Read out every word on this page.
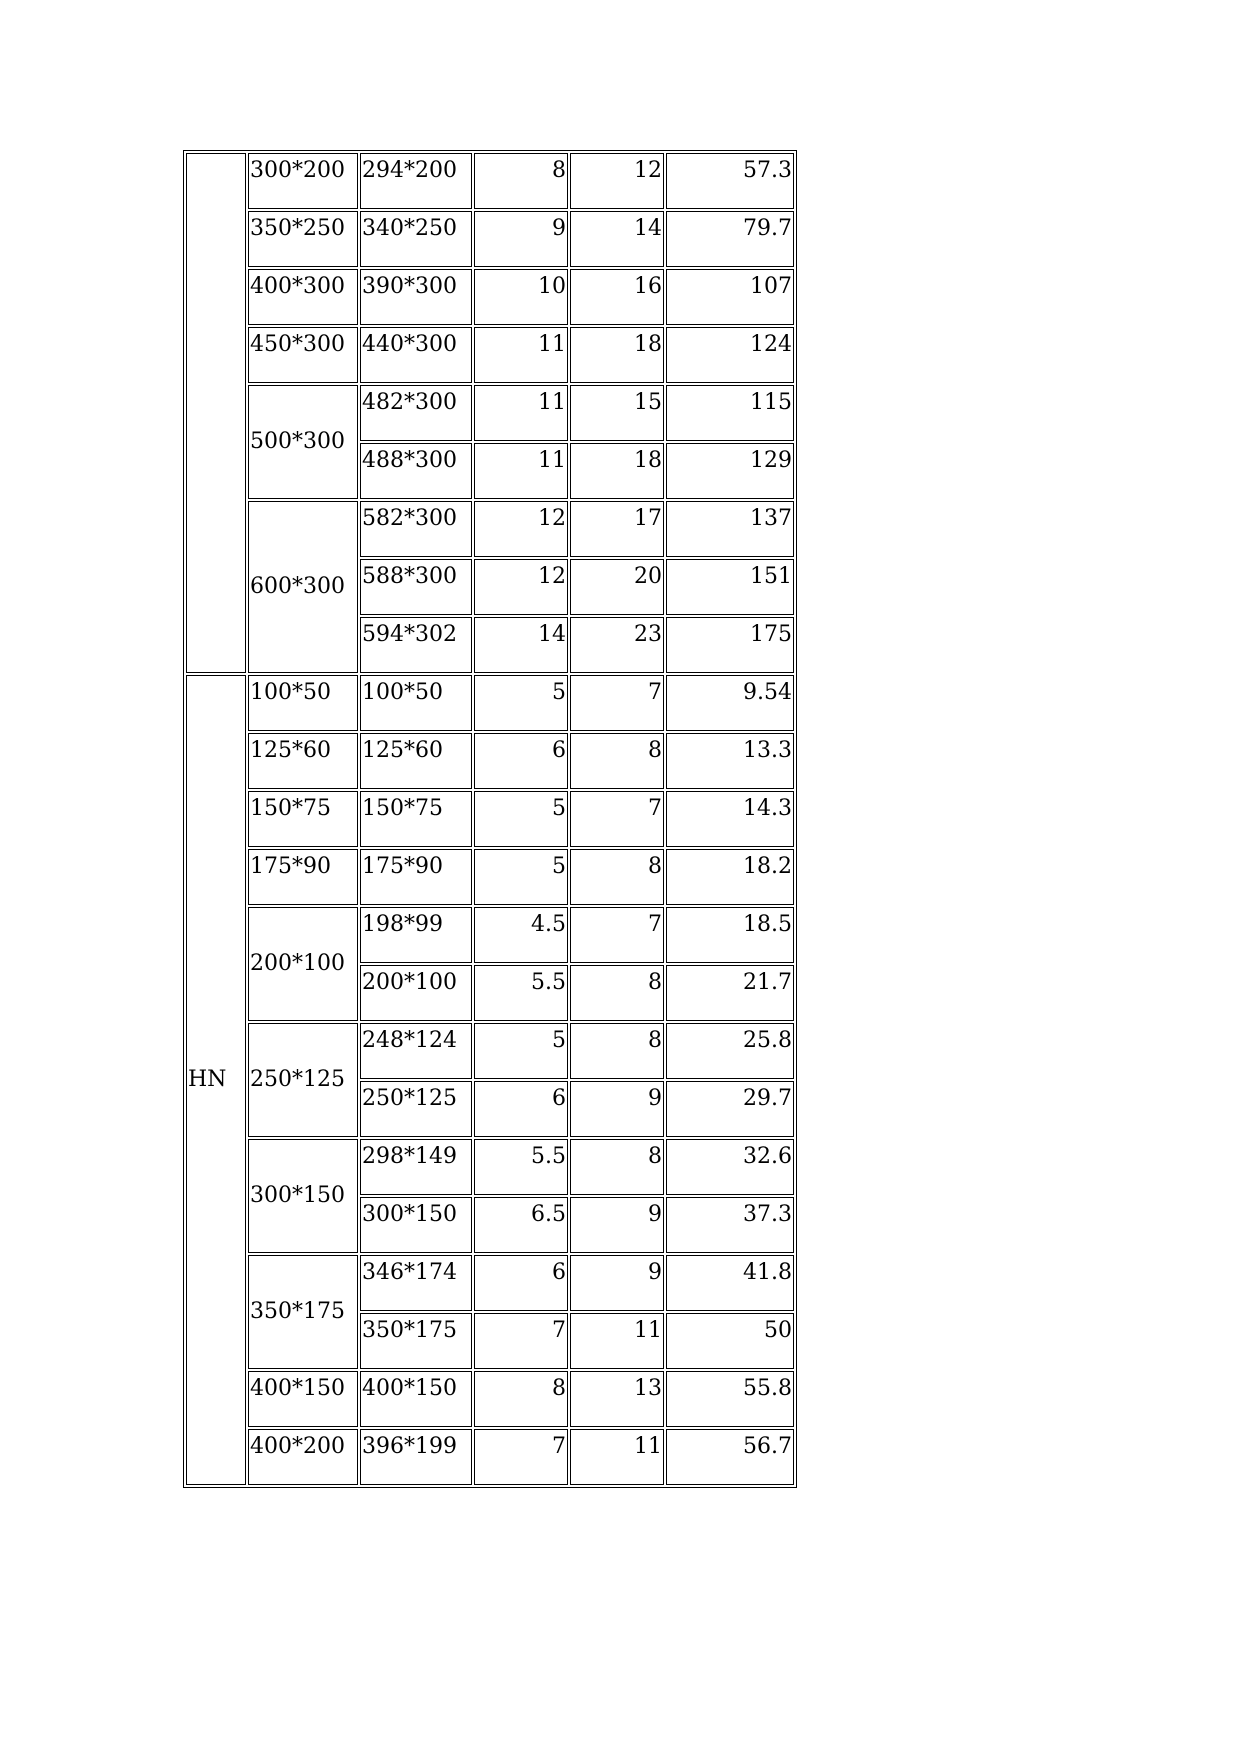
	300*200	294*200	8	12	57.3
	350*250	340*250	9	14	79.7
	400*300	390*300	10	16	107
	450*300	440*300	11	18	124
	500*300	482*300	11	15	115
		488*300	11	18	129
	600*300	582*300	12	17	137
		588*300	12	20	151
		594*302	14	23	175
HN	100*50	100*50	5	7	9.54
	125*60	125*60	6	8	13.3
	150*75	150*75	5	7	14.3
	175*90	175*90	5	8	18.2
	200*100	198*99	4.5	7	18.5
		200*100	5.5	8	21.7
	250*125	248*124	5	8	25.8
		250*125	6	9	29.7
	300*150	298*149	5.5	8	32.6
		300*150	6.5	9	37.3
	350*175	346*174	6	9	41.8
		350*175	7	11	50
	400*150	400*150	8	13	55.8
	400*200	396*199	7	11	56.7
